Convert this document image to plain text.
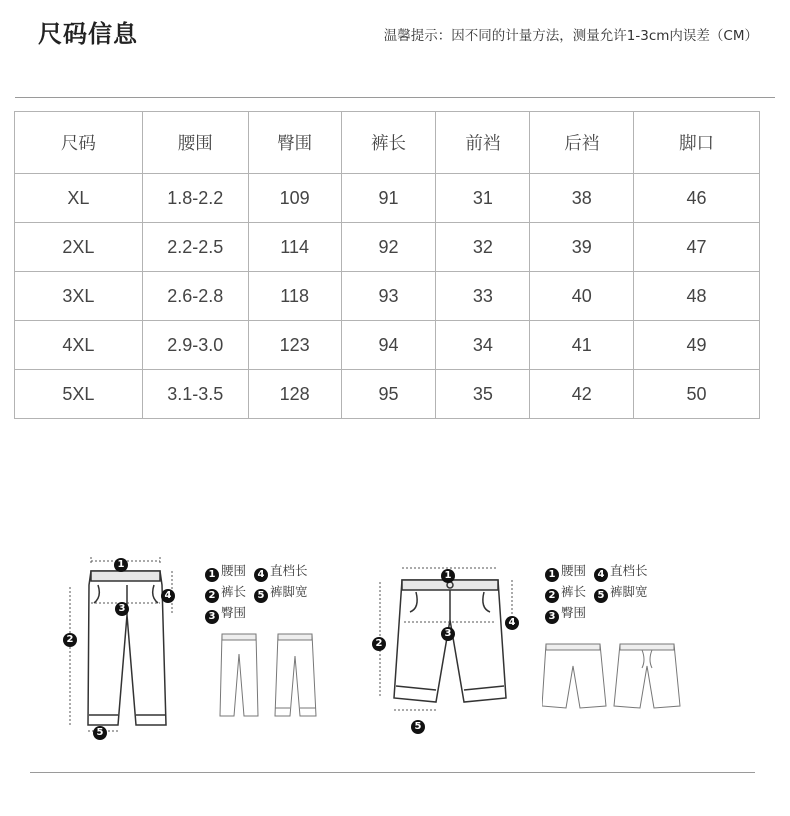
尺码信息	温馨提示：因不同的计量方法，测量允许1-3cm内误差（CM）
尺码	腰围	臀围	裤长	前裆	后裆	脚口
XL	1.8-2.2	109	91	31	38	46
2XL	2.2-2.5	114	92	32	39	47
3XL	2.6-2.8	118	93	33	40	48
4XL	2.9-3.0	123	94	34	41	49
5XL	3.1-3.5	128	95	35	42	50
1
2
3
4
5
1 腰围 4 直档长
2 裤长 5 裤脚宽
3 臀围
1
2
3
4
5
1 腰围 4 直档长
2 裤长 5 裤脚宽
3 臀围
